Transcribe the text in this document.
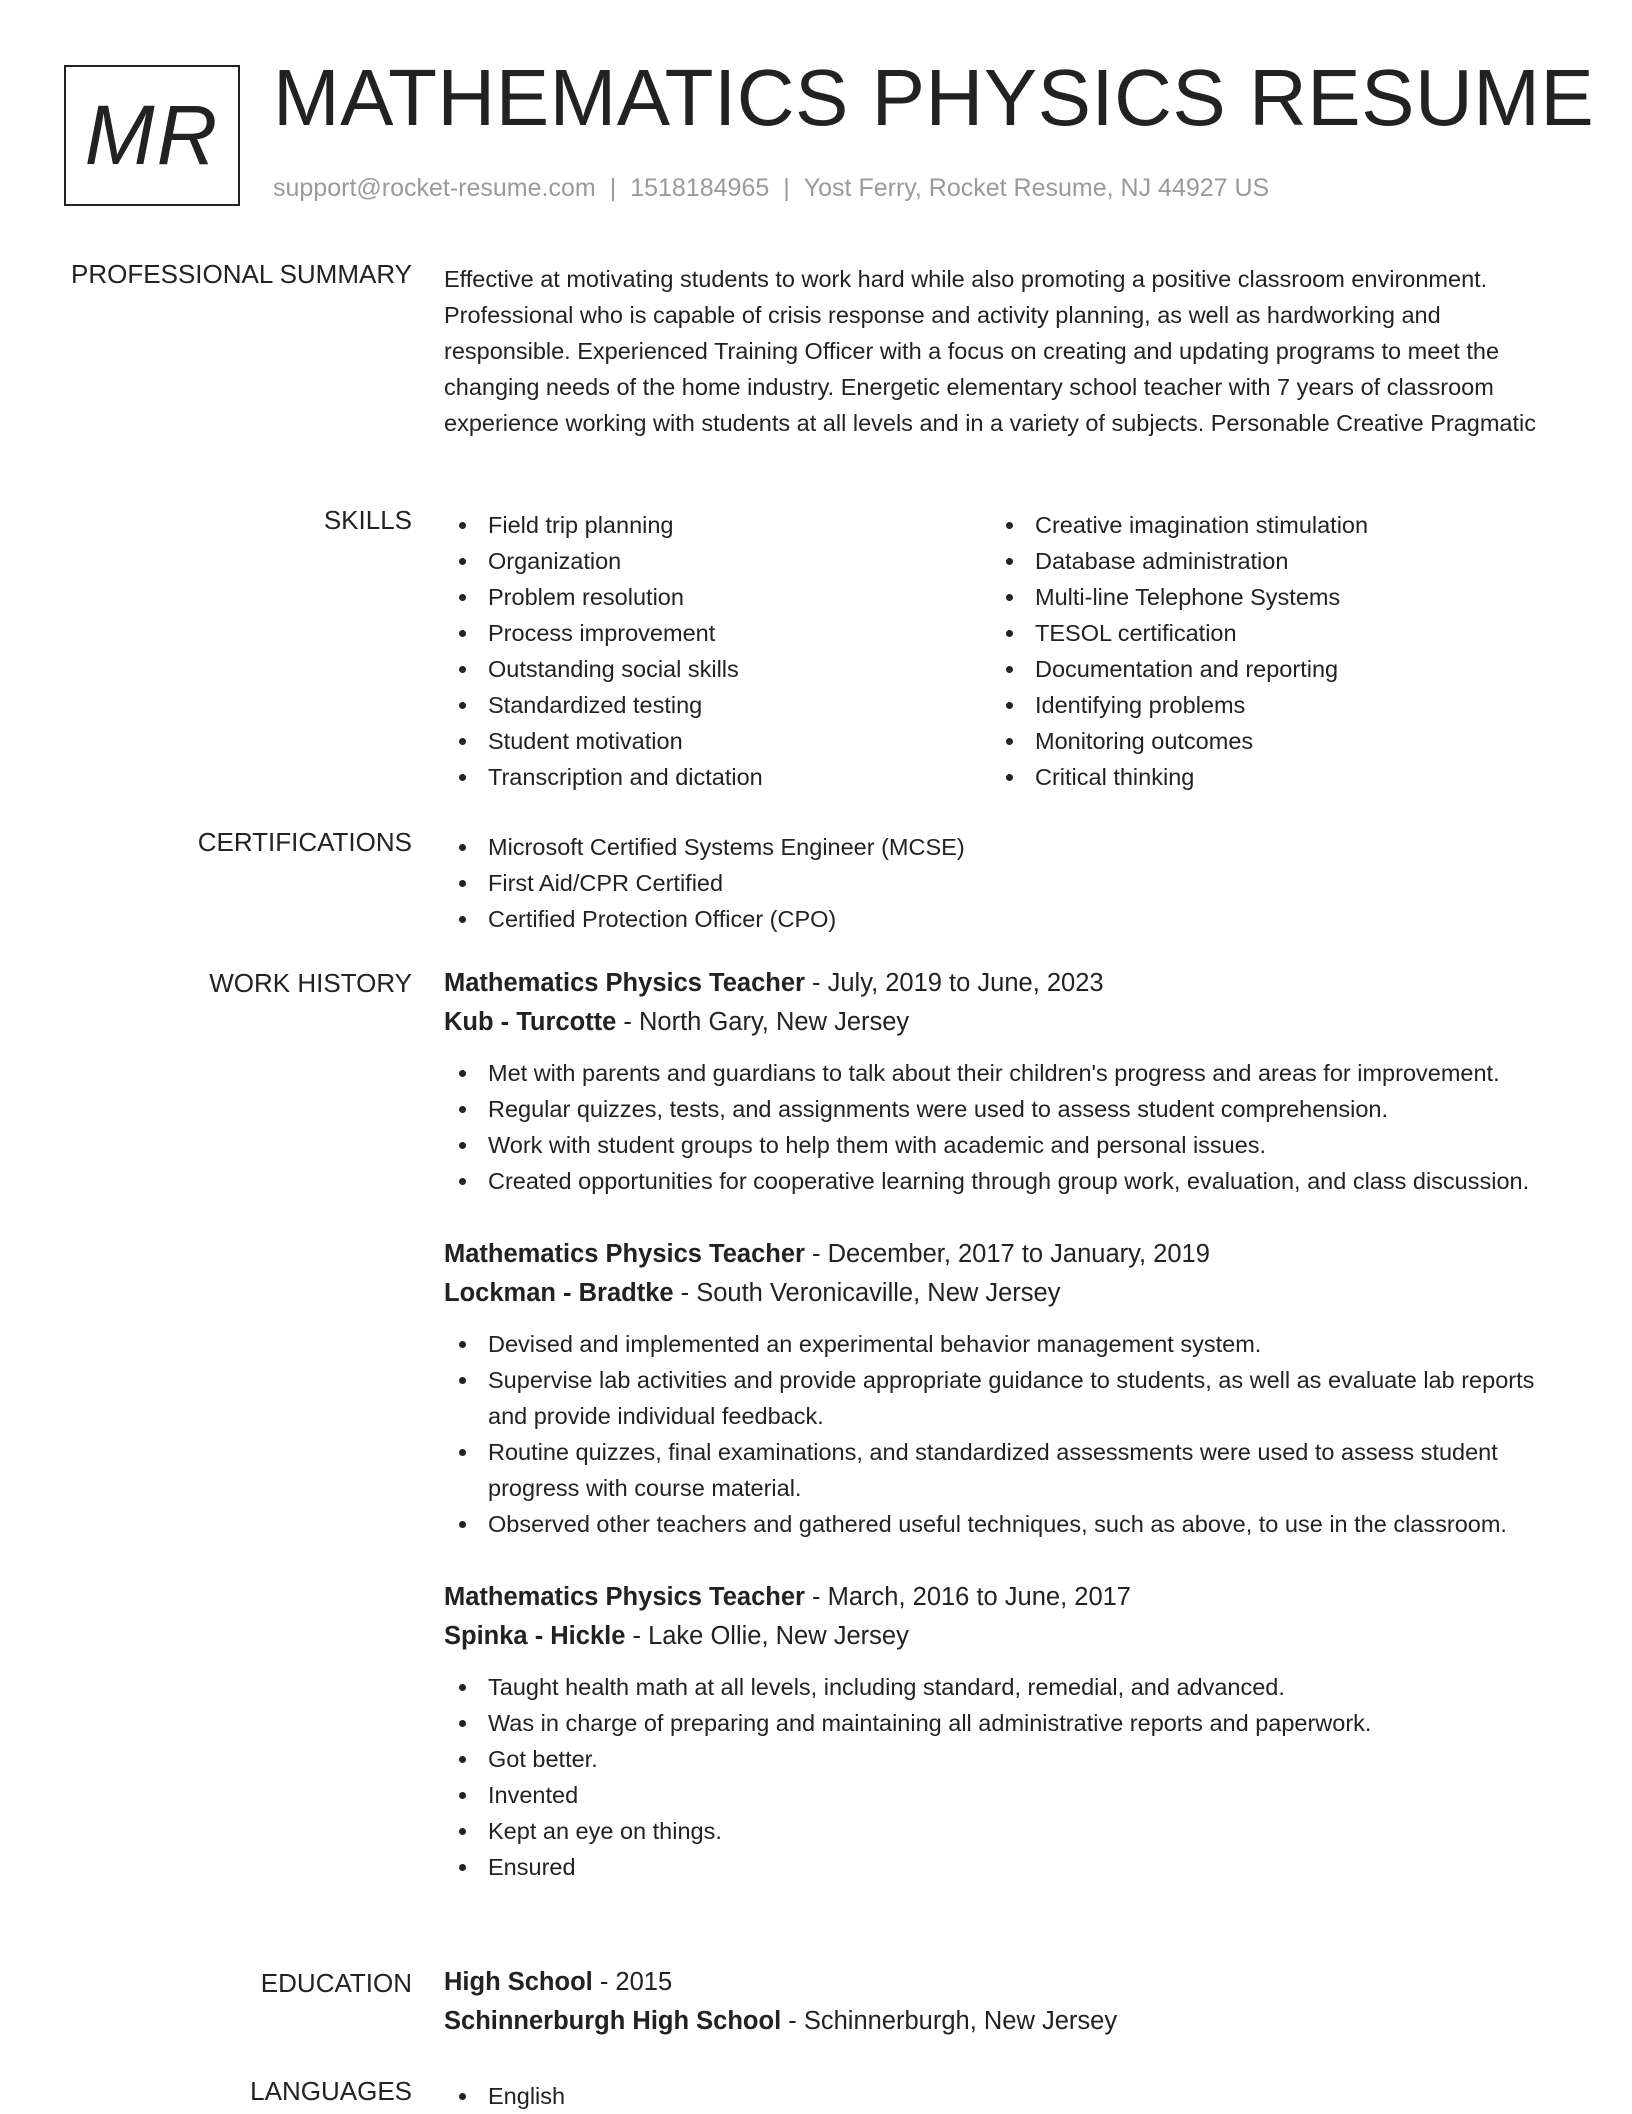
MR MATHEMATICS PHYSICS RESUME
support@rocket-resume.com | 1518184965 | Yost Ferry, Rocket Resume, NJ 44927 US
PROFESSIONAL SUMMARY Effective at motivating students to work hard while also promoting a positive classroom environment. Professional who is capable of crisis response and activity planning, as well as hardworking and responsible. Experienced Training Officer with a focus on creating and updating programs to meet the changing needs of the home industry. Energetic elementary school teacher with 7 years of classroom experience working with students at all levels and in a variety of subjects. Personable Creative Pragmatic
SKILLS	Field trip planning
Organization
Problem resolution
Process improvement
Outstanding social skills
Standardized testing
Student motivation
Transcription and dictation
Creative imagination stimulation
Database administration
Multi-line Telephone Systems
TESOL certification
Documentation and reporting
Identifying problems
Monitoring outcomes
Critical thinking
CERTIFICATIONS	Microsoft Certified Systems Engineer (MCSE)
First Aid/CPR Certified
Certified Protection Officer (CPO)
WORK HISTORY Mathematics Physics Teacher - July, 2019 to June, 2023
Kub - Turcotte - North Gary, New Jersey
Met with parents and guardians to talk about their children's progress and areas for improvement.
Regular quizzes, tests, and assignments were used to assess student comprehension.
Work with student groups to help them with academic and personal issues.
Created opportunities for cooperative learning through group work, evaluation, and class discussion.
Mathematics Physics Teacher - December, 2017 to January, 2019
Lockman - Bradtke - South Veronicaville, New Jersey
Devised and implemented an experimental behavior management system.
Supervise lab activities and provide appropriate guidance to students, as well as evaluate lab reports and provide individual feedback.
Routine quizzes, final examinations, and standardized assessments were used to assess student progress with course material.
Observed other teachers and gathered useful techniques, such as above, to use in the classroom.
Mathematics Physics Teacher - March, 2016 to June, 2017
Spinka - Hickle - Lake Ollie, New Jersey
Taught health math at all levels, including standard, remedial, and advanced.
Was in charge of preparing and maintaining all administrative reports and paperwork.
Got better.
Invented
Kept an eye on things.
Ensured
EDUCATION High School - 2015
Schinnerburgh High School - Schinnerburgh, New Jersey
LANGUAGES	English
